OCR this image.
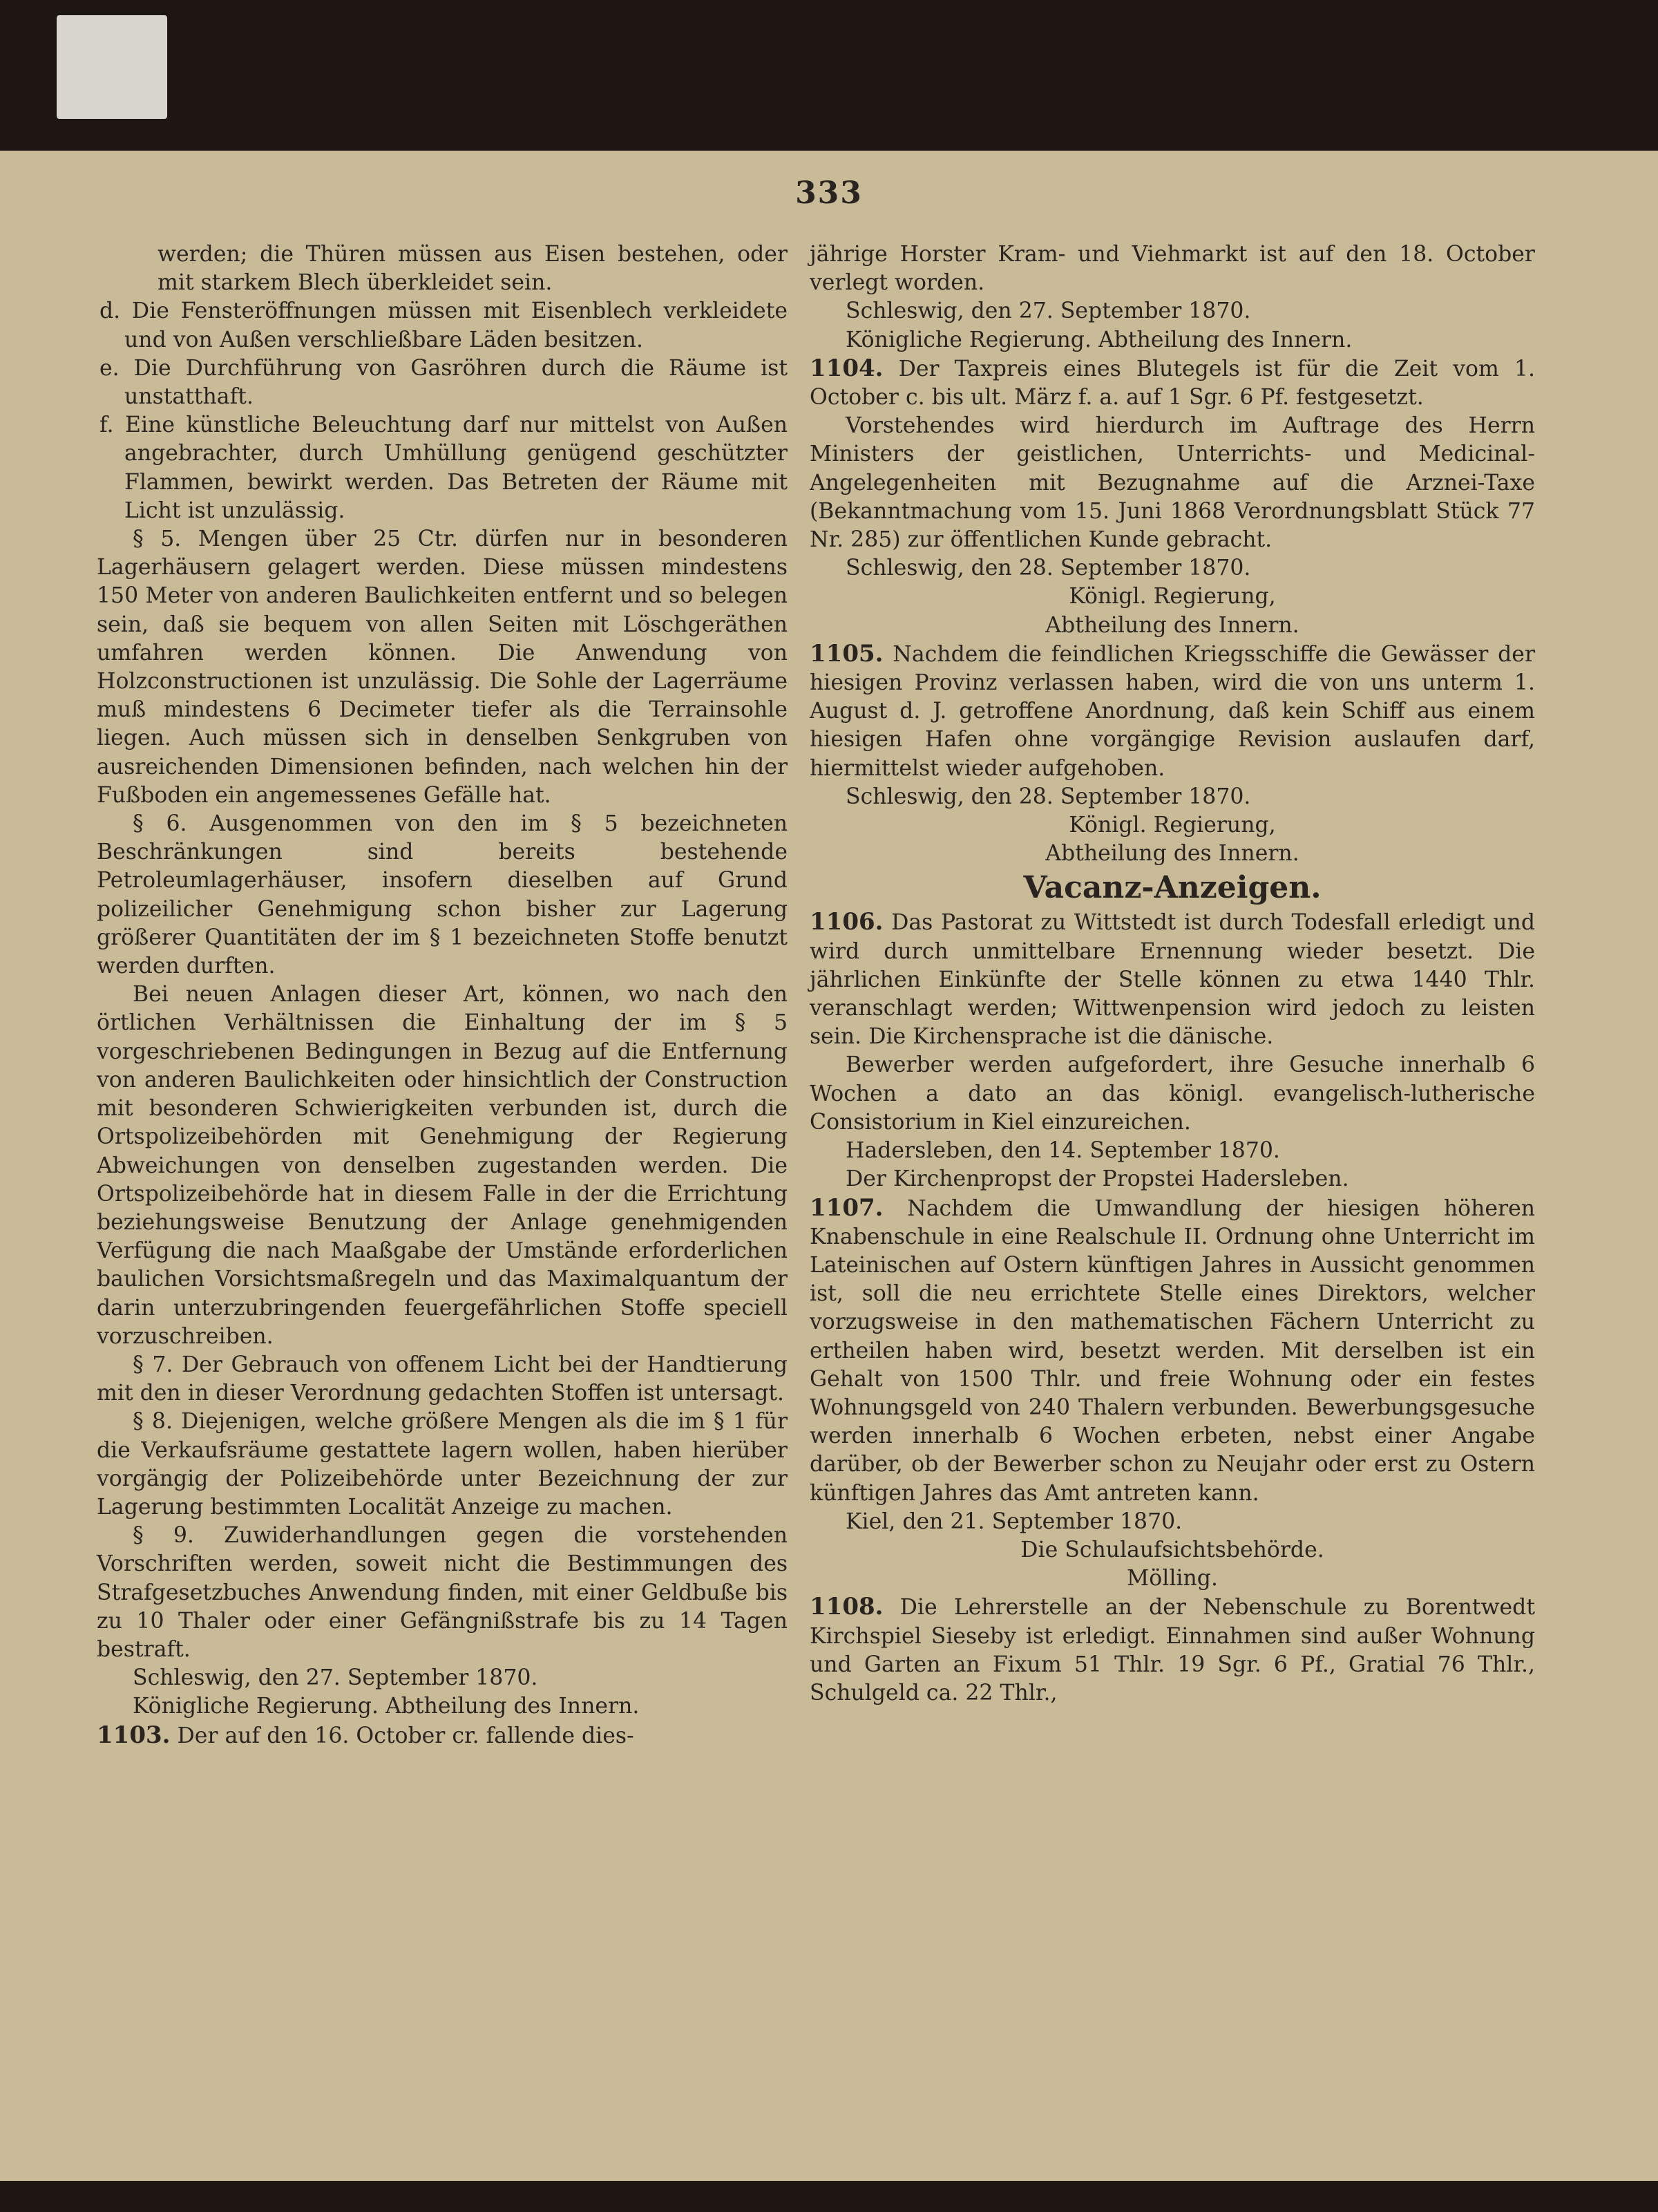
333

werden; die Thüren müssen aus Eisen bestehen, oder mit starkem Blech überkleidet sein.

d. Die Fensteröffnungen müssen mit Eisenblech verkleidete und von Außen verschließbare Läden besitzen.

e. Die Durchführung von Gasröhren durch die Räume ist unstatthaft.

f. Eine künstliche Beleuchtung darf nur mittelst von Außen angebrachter, durch Umhüllung genügend geschützter Flammen, bewirkt werden. Das Betreten der Räume mit Licht ist unzulässig.

§ 5. Mengen über 25 Ctr. dürfen nur in besonderen Lagerhäusern gelagert werden. Diese müssen mindestens 150 Meter von anderen Baulichkeiten entfernt und so belegen sein, daß sie bequem von allen Seiten mit Löschgeräthen umfahren werden können. Die Anwendung von Holzconstructionen ist unzulässig. Die Sohle der Lagerräume muß mindestens 6 Decimeter tiefer als die Terrainsohle liegen. Auch müssen sich in denselben Senkgruben von ausreichenden Dimensionen befinden, nach welchen hin der Fußboden ein angemessenes Gefälle hat.

§ 6. Ausgenommen von den im § 5 bezeichneten Beschränkungen sind bereits bestehende Petroleumlagerhäuser, insofern dieselben auf Grund polizeilicher Genehmigung schon bisher zur Lagerung größerer Quantitäten der im § 1 bezeichneten Stoffe benutzt werden durften.

Bei neuen Anlagen dieser Art, können, wo nach den örtlichen Verhältnissen die Einhaltung der im § 5 vorgeschriebenen Bedingungen in Bezug auf die Entfernung von anderen Baulichkeiten oder hinsichtlich der Construction mit besonderen Schwierigkeiten verbunden ist, durch die Ortspolizeibehörden mit Genehmigung der Regierung Abweichungen von denselben zugestanden werden. Die Ortspolizeibehörde hat in diesem Falle in der die Errichtung beziehungsweise Benutzung der Anlage genehmigenden Verfügung die nach Maaßgabe der Umstände erforderlichen baulichen Vorsichtsmaßregeln und das Maximalquantum der darin unterzubringenden feuergefährlichen Stoffe speciell vorzuschreiben.

§ 7. Der Gebrauch von offenem Licht bei der Handtierung mit den in dieser Verordnung gedachten Stoffen ist untersagt.

§ 8. Diejenigen, welche größere Mengen als die im § 1 für die Verkaufsräume gestattete lagern wollen, haben hierüber vorgängig der Polizeibehörde unter Bezeichnung der zur Lagerung bestimmten Localität Anzeige zu machen.

§ 9. Zuwiderhandlungen gegen die vorstehenden Vorschriften werden, soweit nicht die Bestimmungen des Strafgesetzbuches Anwendung finden, mit einer Geldbuße bis zu 10 Thaler oder einer Gefängnißstrafe bis zu 14 Tagen bestraft.

Schleswig, den 27. September 1870.

Königliche Regierung. Abtheilung des Innern.

1103. Der auf den 16. October cr. fallende dies-

jährige Horster Kram- und Viehmarkt ist auf den 18. October verlegt worden.

Schleswig, den 27. September 1870.

Königliche Regierung. Abtheilung des Innern.

1104. Der Taxpreis eines Blutegels ist für die Zeit vom 1. October c. bis ult. März f. a. auf 1 Sgr. 6 Pf. festgesetzt.

Vorstehendes wird hierdurch im Auftrage des Herrn Ministers der geistlichen, Unterrichts- und Medicinal-Angelegenheiten mit Bezugnahme auf die Arznei-Taxe (Bekanntmachung vom 15. Juni 1868 Verordnungsblatt Stück 77 Nr. 285) zur öffentlichen Kunde gebracht.

Schleswig, den 28. September 1870.

Königl. Regierung,

Abtheilung des Innern.

1105. Nachdem die feindlichen Kriegsschiffe die Gewässer der hiesigen Provinz verlassen haben, wird die von uns unterm 1. August d. J. getroffene Anordnung, daß kein Schiff aus einem hiesigen Hafen ohne vorgängige Revision auslaufen darf, hiermittelst wieder aufgehoben.

Schleswig, den 28. September 1870.

Königl. Regierung,

Abtheilung des Innern.

Vacanz-Anzeigen.

1106. Das Pastorat zu Wittstedt ist durch Todesfall erledigt und wird durch unmittelbare Ernennung wieder besetzt. Die jährlichen Einkünfte der Stelle können zu etwa 1440 Thlr. veranschlagt werden; Wittwenpension wird jedoch zu leisten sein. Die Kirchensprache ist die dänische.

Bewerber werden aufgefordert, ihre Gesuche innerhalb 6 Wochen a dato an das königl. evangelisch-lutherische Consistorium in Kiel einzureichen.

Hadersleben, den 14. September 1870.

Der Kirchenpropst der Propstei Hadersleben.

1107. Nachdem die Umwandlung der hiesigen höheren Knabenschule in eine Realschule II. Ordnung ohne Unterricht im Lateinischen auf Ostern künftigen Jahres in Aussicht genommen ist, soll die neu errichtete Stelle eines Direktors, welcher vorzugsweise in den mathematischen Fächern Unterricht zu ertheilen haben wird, besetzt werden. Mit derselben ist ein Gehalt von 1500 Thlr. und freie Wohnung oder ein festes Wohnungsgeld von 240 Thalern verbunden. Bewerbungsgesuche werden innerhalb 6 Wochen erbeten, nebst einer Angabe darüber, ob der Bewerber schon zu Neujahr oder erst zu Ostern künftigen Jahres das Amt antreten kann.

Kiel, den 21. September 1870.

Die Schulaufsichtsbehörde.

Mölling.

1108. Die Lehrerstelle an der Nebenschule zu Borentwedt Kirchspiel Sieseby ist erledigt. Einnahmen sind außer Wohnung und Garten an Fixum 51 Thlr. 19 Sgr. 6 Pf., Gratial 76 Thlr., Schulgeld ca. 22 Thlr.,
